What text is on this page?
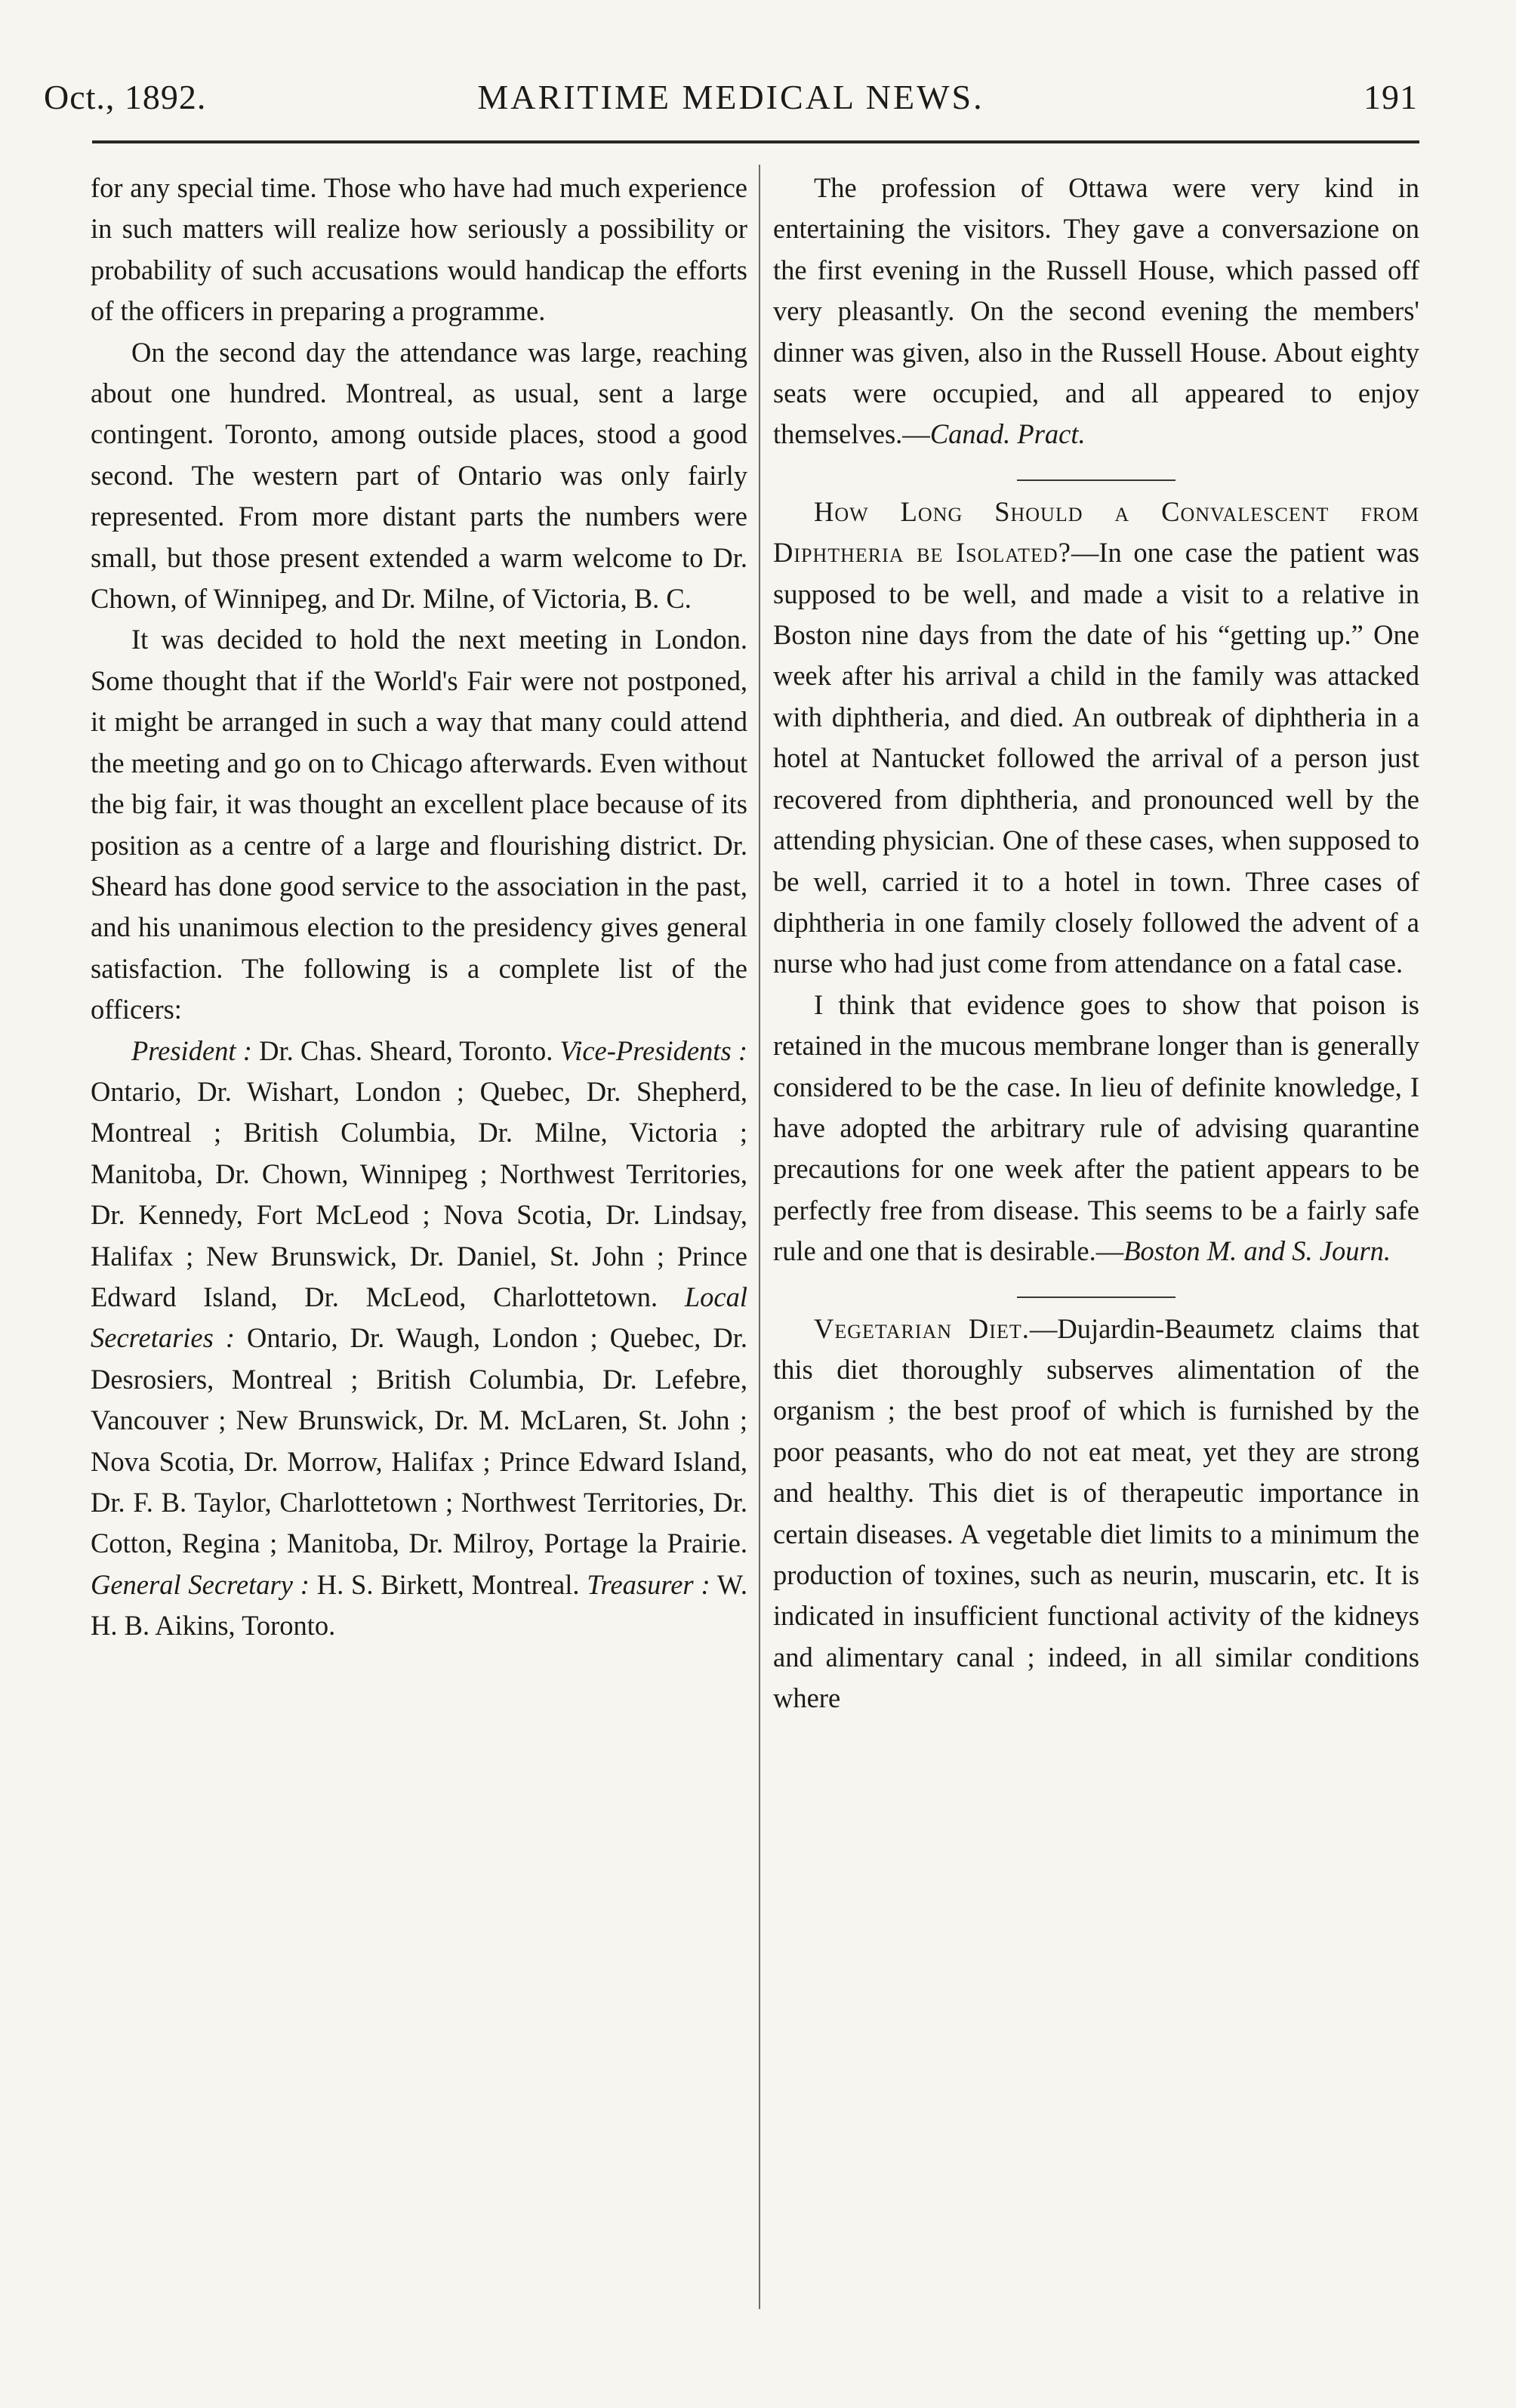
Oct., 1892.	MARITIME MEDICAL NEWS.	191

for any special time. Those who have had much experience in such matters will realize how seriously a possibility or probability of such accusations would handicap the efforts of the officers in preparing a programme.

On the second day the attendance was large, reaching about one hundred. Montreal, as usual, sent a large contingent. Toronto, among outside places, stood a good second. The western part of Ontario was only fairly represented. From more distant parts the numbers were small, but those present extended a warm welcome to Dr. Chown, of Winnipeg, and Dr. Milne, of Victoria, B. C.

It was decided to hold the next meeting in London. Some thought that if the World's Fair were not postponed, it might be arranged in such a way that many could attend the meeting and go on to Chicago afterwards. Even without the big fair, it was thought an excellent place because of its position as a centre of a large and flourishing district. Dr. Sheard has done good service to the association in the past, and his unanimous election to the presidency gives general satisfaction. The following is a complete list of the officers:

President : Dr. Chas. Sheard, Toronto. Vice-Presidents : Ontario, Dr. Wishart, London ; Quebec, Dr. Shepherd, Montreal ; British Columbia, Dr. Milne, Victoria ; Manitoba, Dr. Chown, Winnipeg ; Northwest Territories, Dr. Kennedy, Fort McLeod ; Nova Scotia, Dr. Lindsay, Halifax ; New Brunswick, Dr. Daniel, St. John ; Prince Edward Island, Dr. McLeod, Charlottetown. Local Secretaries : Ontario, Dr. Waugh, London ; Quebec, Dr. Desrosiers, Montreal ; British Columbia, Dr. Lefebre, Vancouver ; New Brunswick, Dr. M. McLaren, St. John ; Nova Scotia, Dr. Morrow, Halifax ; Prince Edward Island, Dr. F. B. Taylor, Charlottetown ; Northwest Territories, Dr. Cotton, Regina ; Manitoba, Dr. Milroy, Portage la Prairie. General Secretary : H. S. Birkett, Montreal. Treasurer : W. H. B. Aikins, Toronto.

The profession of Ottawa were very kind in entertaining the visitors. They gave a conversazione on the first evening in the Russell House, which passed off very pleasantly. On the second evening the members' dinner was given, also in the Russell House. About eighty seats were occupied, and all appeared to enjoy themselves.—Canad. Pract.

How Long Should a Convalescent from Diphtheria be Isolated?—In one case the patient was supposed to be well, and made a visit to a relative in Boston nine days from the date of his “getting up.” One week after his arrival a child in the family was attacked with diphtheria, and died. An outbreak of diphtheria in a hotel at Nantucket followed the arrival of a person just recovered from diphtheria, and pronounced well by the attending physician. One of these cases, when supposed to be well, carried it to a hotel in town. Three cases of diphtheria in one family closely followed the advent of a nurse who had just come from attendance on a fatal case.

I think that evidence goes to show that poison is retained in the mucous membrane longer than is generally considered to be the case. In lieu of definite knowledge, I have adopted the arbitrary rule of advising quarantine precautions for one week after the patient appears to be perfectly free from disease. This seems to be a fairly safe rule and one that is desirable.—Boston M. and S. Journ.

Vegetarian Diet.—Dujardin-Beaumetz claims that this diet thoroughly subserves alimentation of the organism ; the best proof of which is furnished by the poor peasants, who do not eat meat, yet they are strong and healthy. This diet is of therapeutic importance in certain diseases. A vegetable diet limits to a minimum the production of toxines, such as neurin, muscarin, etc. It is indicated in insufficient functional activity of the kidneys and alimentary canal ; indeed, in all similar conditions where
